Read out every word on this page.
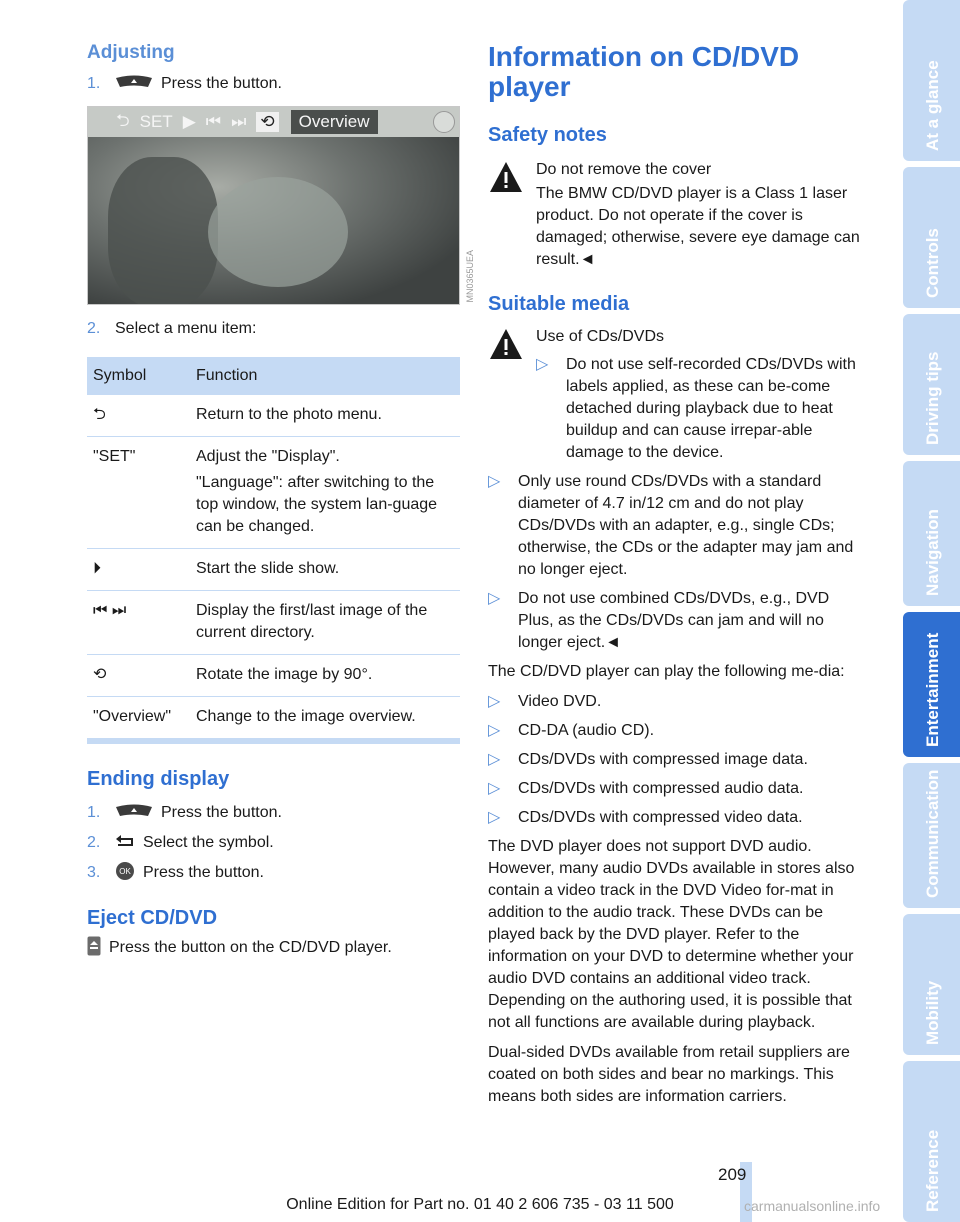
Adjusting
1.	Press the button.
⮌ SET ▶ ⏮ ⏭ ⟲	Overview
2. Select a menu item:
Symbol	Function
⮌	Return to the photo menu.
"SET"	Adjust the "Display".

"Language": after switching to the top window, the system lan-guage can be changed.

⏵	Start the slide show.
⏮ ⏭	Display the first/last image of the current directory.
⟲	Rotate the image by 90°.
"Overview"	Change to the image overview.
Ending display
1.	Press the button.
2.	Select the symbol.
3.	OK Press the button.
Eject CD/DVD
Press the button on the CD/DVD player.
MN0365UEA
Information on CD/DVD player
Safety notes
Do not remove the cover
The BMW CD/DVD player is a Class 1 laser product. Do not operate if the cover is damaged; otherwise, severe eye damage can result.◄
Suitable media
Use of CDs/DVDs
▷ Do not use self-recorded CDs/DVDs with labels applied, as these can be-come detached during playback due to heat buildup and can cause irrepar-able damage to the device.
▷ Only use round CDs/DVDs with a standard diameter of 4.7 in/12 cm and do not play CDs/DVDs with an adapter, e.g., single CDs; otherwise, the CDs or the adapter may jam and no longer eject.
▷ Do not use combined CDs/DVDs, e.g., DVD Plus, as the CDs/DVDs can jam and will no longer eject.◄

The CD/DVD player can play the following me-dia:

▷ Video DVD.
▷ CD-DA (audio CD).
▷ CDs/DVDs with compressed image data.
▷ CDs/DVDs with compressed audio data.
▷ CDs/DVDs with compressed video data.

The DVD player does not support DVD audio. However, many audio DVDs available in stores also contain a video track in the DVD Video for-mat in addition to the audio track. These DVDs can be played back by the DVD player. Refer to the information on your DVD to determine whether your audio DVD contains an additional video track. Depending on the authoring used, it is possible that not all functions are available during playback.

Dual-sided DVDs available from retail suppliers are coated on both sides and bear no markings. This means both sides are information carriers.

At a glance
Controls
Driving tips
Navigation
Entertainment
Communication
Mobility
Reference
209
Online Edition for Part no. 01 40 2 606 735 - 03 11 500	carmanualsonline.info
